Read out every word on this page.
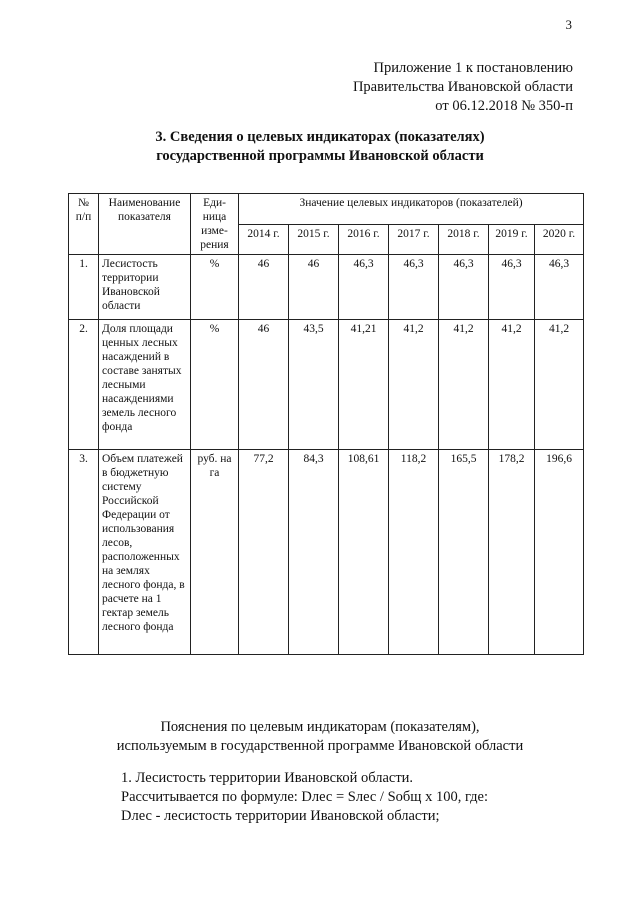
3
Приложение 1 к постановлению
Правительства Ивановской области
от 06.12.2018 № 350-п
3. Сведения о целевых индикаторах (показателях)
государственной программы Ивановской области
№ п/п	Наименование показателя	Еди-ница изме-рения	Значение целевых индикаторов (показателей)						
			2014 г.	2015 г.	2016 г.	2017 г.	2018 г.	2019 г.	2020 г.
1.	Лесистость территории Ивановской области	%	46	46	46,3	46,3	46,3	46,3	46,3
2.	Доля площади ценных лесных насаждений в составе занятых лесными насаждениями земель лесного фонда	%	46	43,5	41,21	41,2	41,2	41,2	41,2
3.	Объем платежей в бюджетную систему Российской Федерации от использования лесов, расположенных на землях лесного фонда, в расчете на 1 гектар земель лесного фонда	руб. на га	77,2	84,3	108,61	118,2	165,5	178,2	196,6
Пояснения по целевым индикаторам (показателям),
используемым в государственной программе Ивановской области
1. Лесистость территории Ивановской области.
Рассчитывается по формуле: Dлес = Sлес / Sобщ x 100, где:
Dлес - лесистость территории Ивановской области;
